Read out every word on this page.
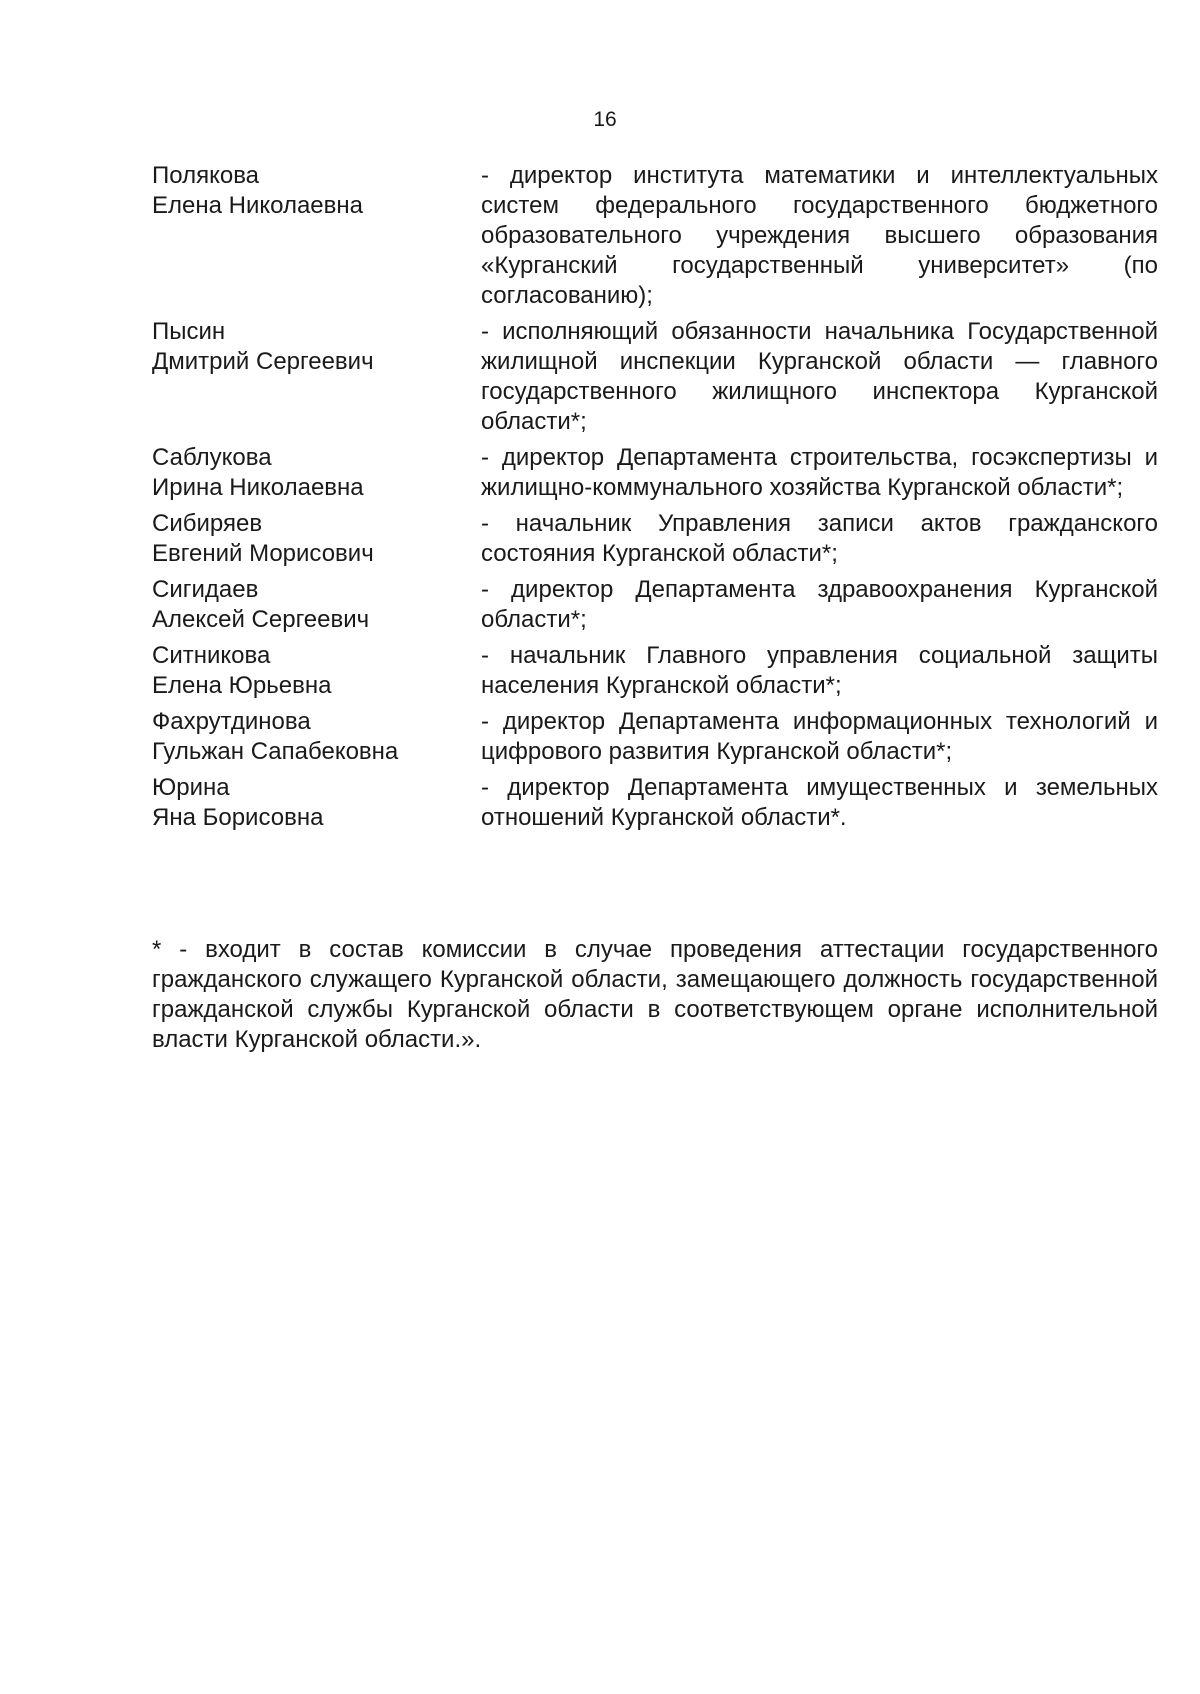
16
Полякова
Елена Николаевна
- директор института математики и интеллектуальных систем федерального государственного бюджетного образовательного учреждения высшего образования «Курганский государственный университет» (по согласованию);
Пысин
Дмитрий Сергеевич
- исполняющий обязанности начальника Государственной жилищной инспекции Курганской области — главного государственного жилищного инспектора Курганской области*;
Саблукова
Ирина Николаевна
- директор Департамента строительства, госэкспертизы и жилищно-коммунального хозяйства Курганской области*;
Сибиряев
Евгений Морисович
- начальник Управления записи актов гражданского состояния Курганской области*;
Сигидаев
Алексей Сергеевич
- директор Департамента здравоохранения Курганской области*;
Ситникова
Елена Юрьевна
- начальник Главного управления социальной защиты населения Курганской области*;
Фахрутдинова
Гульжан Сапабековна
- директор Департамента информационных технологий и цифрового развития Курганской области*;
Юрина
Яна Борисовна
- директор Департамента имущественных и земельных отношений Курганской области*.
* - входит в состав комиссии в случае проведения аттестации государственного гражданского служащего Курганской области, замещающего должность государственной гражданской службы Курганской области в соответствующем органе исполнительной власти Курганской области.».
